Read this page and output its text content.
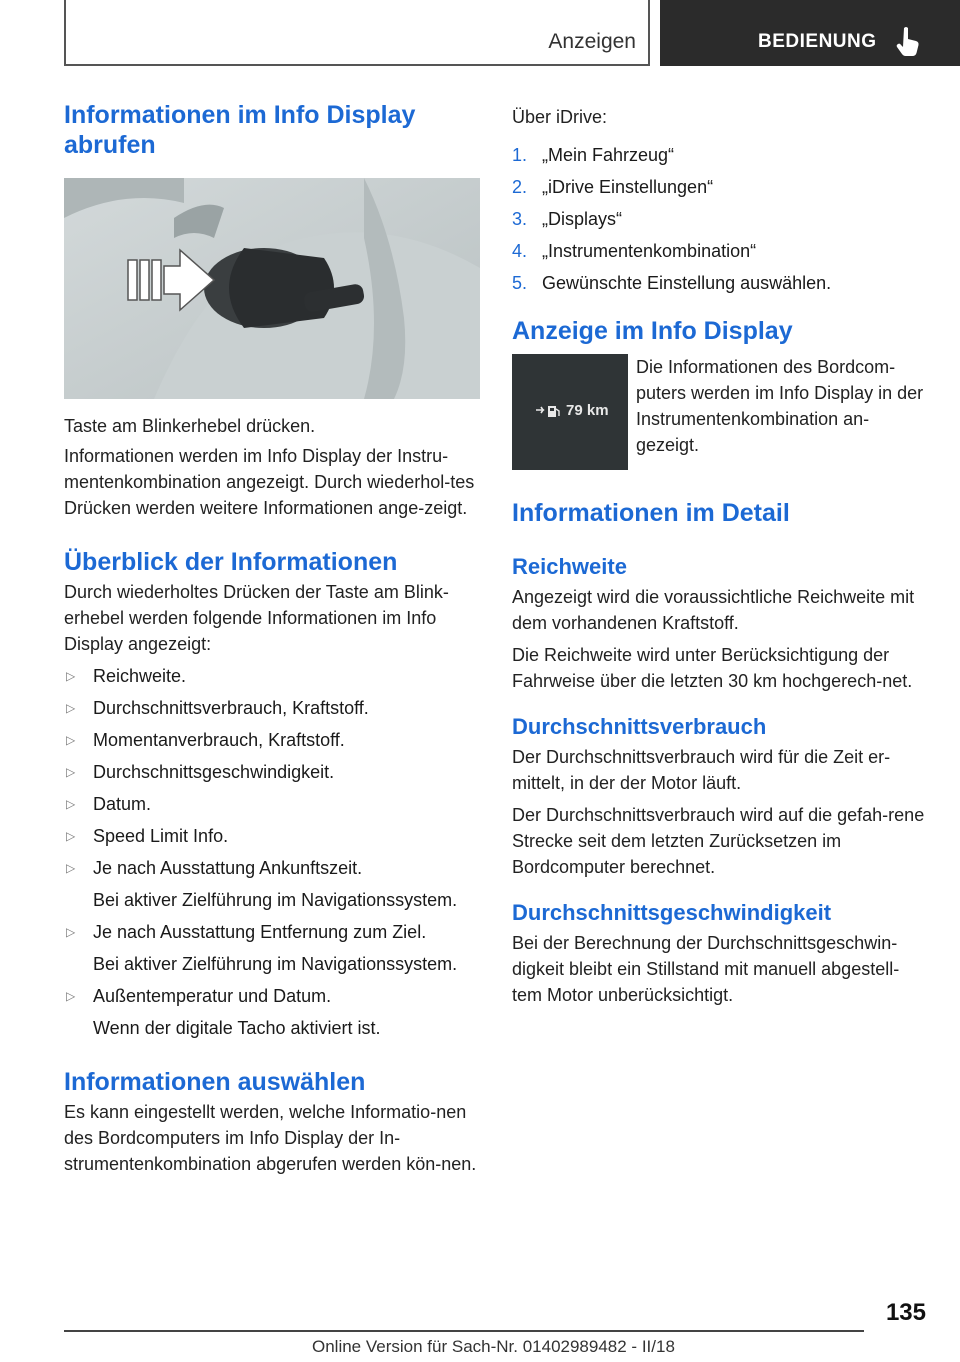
Anzeigen	BEDIENUNG
Informationen im Info Display abrufen

Taste am Blinkerhebel drücken.

Informationen werden im Info Display der Instru-mentenkombination angezeigt. Durch wiederhol-tes Drücken werden weitere Informationen ange-zeigt.

Überblick der Informationen

Durch wiederholtes Drücken der Taste am Blink-erhebel werden folgende Informationen im Info Display angezeigt:

▷ Reichweite.
▷ Durchschnittsverbrauch, Kraftstoff.
▷ Momentanverbrauch, Kraftstoff.
▷ Durchschnittsgeschwindigkeit.
▷ Datum.
▷ Speed Limit Info.
▷ Je nach Ausstattung Ankunftszeit.
Bei aktiver Zielführung im Navigationssystem.
▷ Je nach Ausstattung Entfernung zum Ziel.
Bei aktiver Zielführung im Navigationssystem.
▷ Außentemperatur und Datum.
Wenn der digitale Tacho aktiviert ist.
Informationen auswählen

Es kann eingestellt werden, welche Informatio-nen des Bordcomputers im Info Display der In-strumentenkombination abgerufen werden kön-nen.

Über iDrive:

1. „Mein Fahrzeug“
2. „iDrive Einstellungen“
3. „Displays“
4. „Instrumentenkombination“
5. Gewünschte Einstellung auswählen.
Anzeige im Info Display
79 km

Die Informationen des Bordcom-puters werden im Info Display in der Instrumentenkombination an-gezeigt.

Informationen im Detail
Reichweite

Angezeigt wird die voraussichtliche Reichweite mit dem vorhandenen Kraftstoff.

Die Reichweite wird unter Berücksichtigung der Fahrweise über die letzten 30 km hochgerech-net.

Durchschnittsverbrauch

Der Durchschnittsverbrauch wird für die Zeit er-mittelt, in der der Motor läuft.

Der Durchschnittsverbrauch wird auf die gefah-rene Strecke seit dem letzten Zurücksetzen im Bordcomputer berechnet.

Durchschnittsgeschwindigkeit

Bei der Berechnung der Durchschnittsgeschwin-digkeit bleibt ein Stillstand mit manuell abgestell-tem Motor unberücksichtigt.

135
Online Version für Sach-Nr. 01402989482 - II/18
